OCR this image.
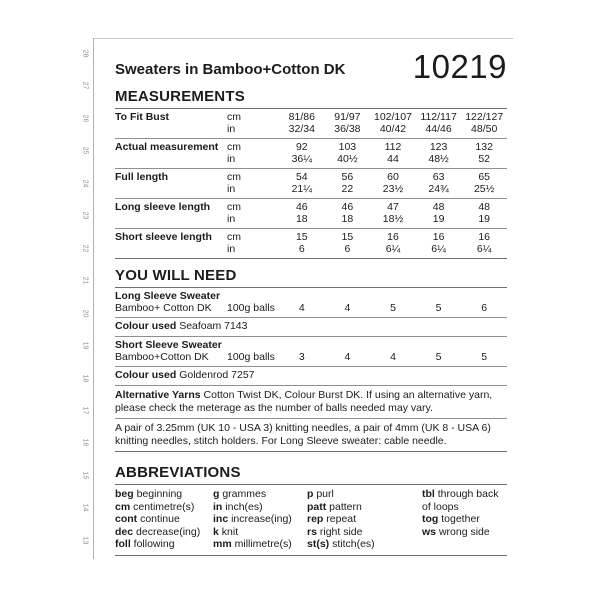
28
27
26
25
24
23
22
21
20
19
18
17
16
15
14
13
Sweaters in Bamboo+Cotton DK 10219
MEASUREMENTS
To Fit Bust	cm	81/86	91/97	102/107 112/117 122/127
in	32/34	36/38	40/42	44/46	48/50
Actual measurement cm	92	103	112	123	132
in	36¼	40½	44	48½	52
Full length	cm	54	56	60	63	65
in	21¼	22	23½	24¾	25½
Long sleeve length	cm	46	46	47	48	48
in	18	18	18½	19	19
Short sleeve length	cm	15	15	16	16	16
in	6	6	6¼	6¼	6¼
YOU WILL NEED
Long Sleeve Sweater
Bamboo+ Cotton DK	100g balls	4	4	5	5	6
Colour used Seafoam 7143
Short Sleeve Sweater
Bamboo+Cotton DK	100g balls	3	4	4	5	5
Colour used Goldenrod 7257
Alternative Yarns Cotton Twist DK, Colour Burst DK. If using an alternative yarn, please check the meterage as the number of balls needed may vary.
A pair of 3.25mm (UK 10 - USA 3) knitting needles, a pair of 4mm (UK 8 - USA 6) knitting needles, stitch holders. For Long Sleeve sweater: cable needle.
ABBREVIATIONS
beg beginning
cm centimetre(s)
cont continue
dec decrease(ing)
foll following
g grammes
in inch(es)
inc increase(ing)
k knit
mm millimetre(s)
p purl
patt pattern
rep repeat
rs right side
st(s) stitch(es)
tbl through back
of loops
tog together
ws wrong side
